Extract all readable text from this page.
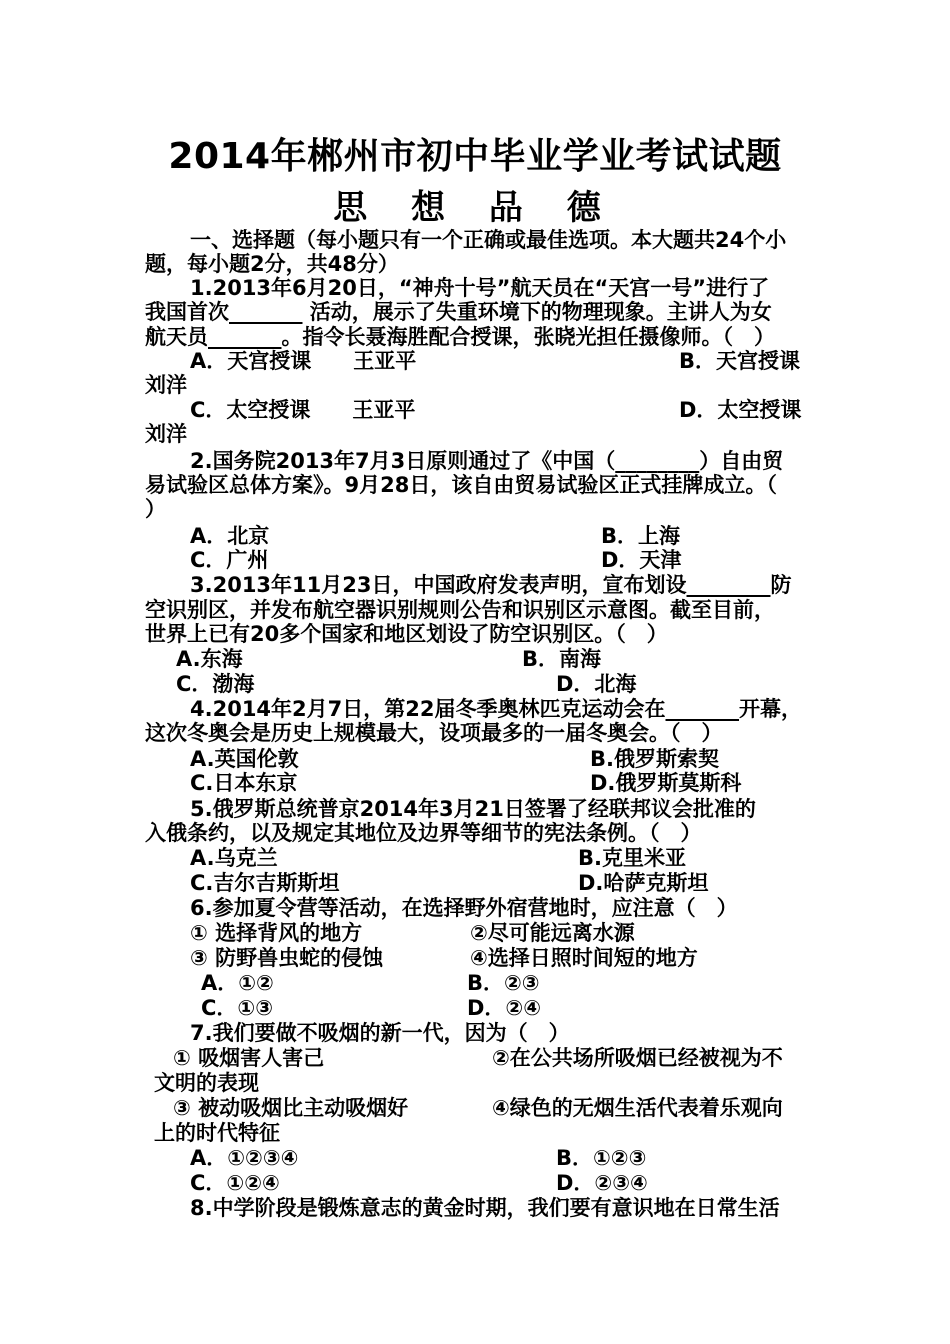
2014年郴州市初中毕业学业考试试题
思 想 品 德
一、选择题（每小题只有一个正确或最佳选项。本大题共24个小
题，每小题2分，共48分）
1.2013年6月20日，“神舟十号”航天员在“天宫一号”进行了
我国首次_______ 活动，展示了失重环境下的物理现象。主讲人为女
航天员_______。指令长聂海胜配合授课，张晓光担任摄像师。（　）
A．天宫授课　　王亚平	B．天宫授课
刘洋
C．太空授课　　王亚平	D．太空授课
刘洋
2.国务院2013年7月3日原则通过了《中国（________）自由贸
易试验区总体方案》。9月28日，该自由贸易试验区正式挂牌成立。（
）
A．北京	B．上海
C．广州	D．天津
3.2013年11月23日，中国政府发表声明，宣布划设________防
空识别区，并发布航空器识别规则公告和识别区示意图。截至目前，
世界上已有20多个国家和地区划设了防空识别区。（　）
A.东海	B．南海
C．渤海	D．北海
4.2014年2月7日，第22届冬季奥林匹克运动会在_______开幕，
这次冬奥会是历史上规模最大，设项最多的一届冬奥会。（　）
A.英国伦敦	B.俄罗斯索契
C.日本东京	D.俄罗斯莫斯科
5.俄罗斯总统普京2014年3月21日签署了经联邦议会批准的
入俄条约，以及规定其地位及边界等细节的宪法条例。（　）
A.乌克兰	B.克里米亚
C.吉尔吉斯斯坦	D.哈萨克斯坦
6.参加夏令营等活动，在选择野外宿营地时，应注意（　）
① 选择背风的地方	②尽可能远离水源
③ 防野兽虫蛇的侵蚀	④选择日照时间短的地方
A．①②	B．②③
C．①③	D．②④
7.我们要做不吸烟的新一代，因为（　）
① 吸烟害人害己	②在公共场所吸烟已经被视为不
文明的表现
③ 被动吸烟比主动吸烟好	④绿色的无烟生活代表着乐观向
上的时代特征
A．①②③④	B．①②③
C．①②④	D．②③④
8.中学阶段是锻炼意志的黄金时期，我们要有意识地在日常生活
